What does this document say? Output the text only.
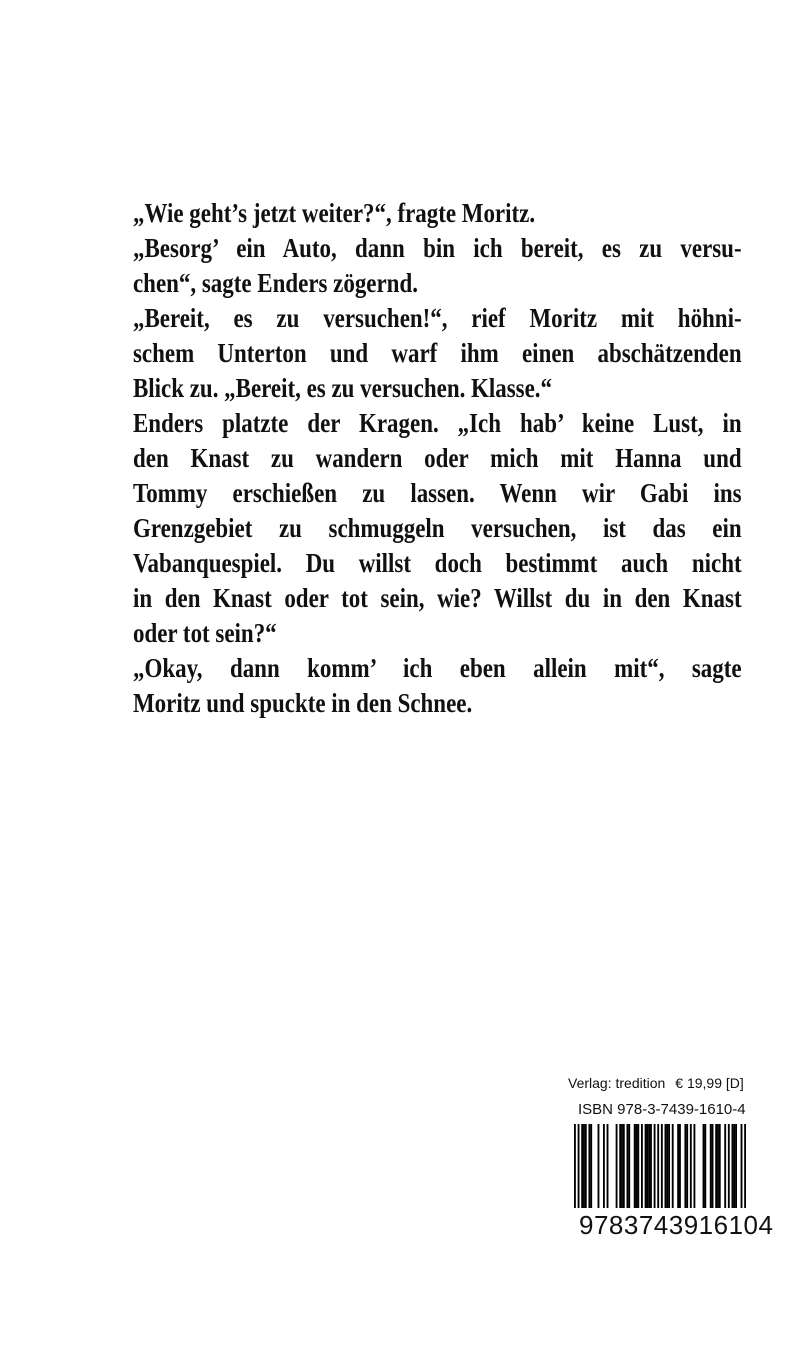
„Wie geht’s jetzt weiter?“, fragte Moritz.
„Besorg’ ein Auto, dann bin ich bereit, es zu versu-
chen“, sagte Enders zögernd.
„Bereit, es zu versuchen!“, rief Moritz mit höhni-
schem Unterton und warf ihm einen abschätzenden
Blick zu. „Bereit, es zu versuchen. Klasse.“
Enders platzte der Kragen. „Ich hab’ keine Lust, in
den Knast zu wandern oder mich mit Hanna und
Tommy erschießen zu lassen. Wenn wir Gabi ins
Grenzgebiet zu schmuggeln versuchen, ist das ein
Vabanquespiel. Du willst doch bestimmt auch nicht
in den Knast oder tot sein, wie? Willst du in den Knast
oder tot sein?“
„Okay, dann komm’ ich eben allein mit“, sagte
Moritz und spuckte in den Schnee.
Verlag: tredition € 19,99 [D]
ISBN 978-3-7439-1610-4
9783743916104
